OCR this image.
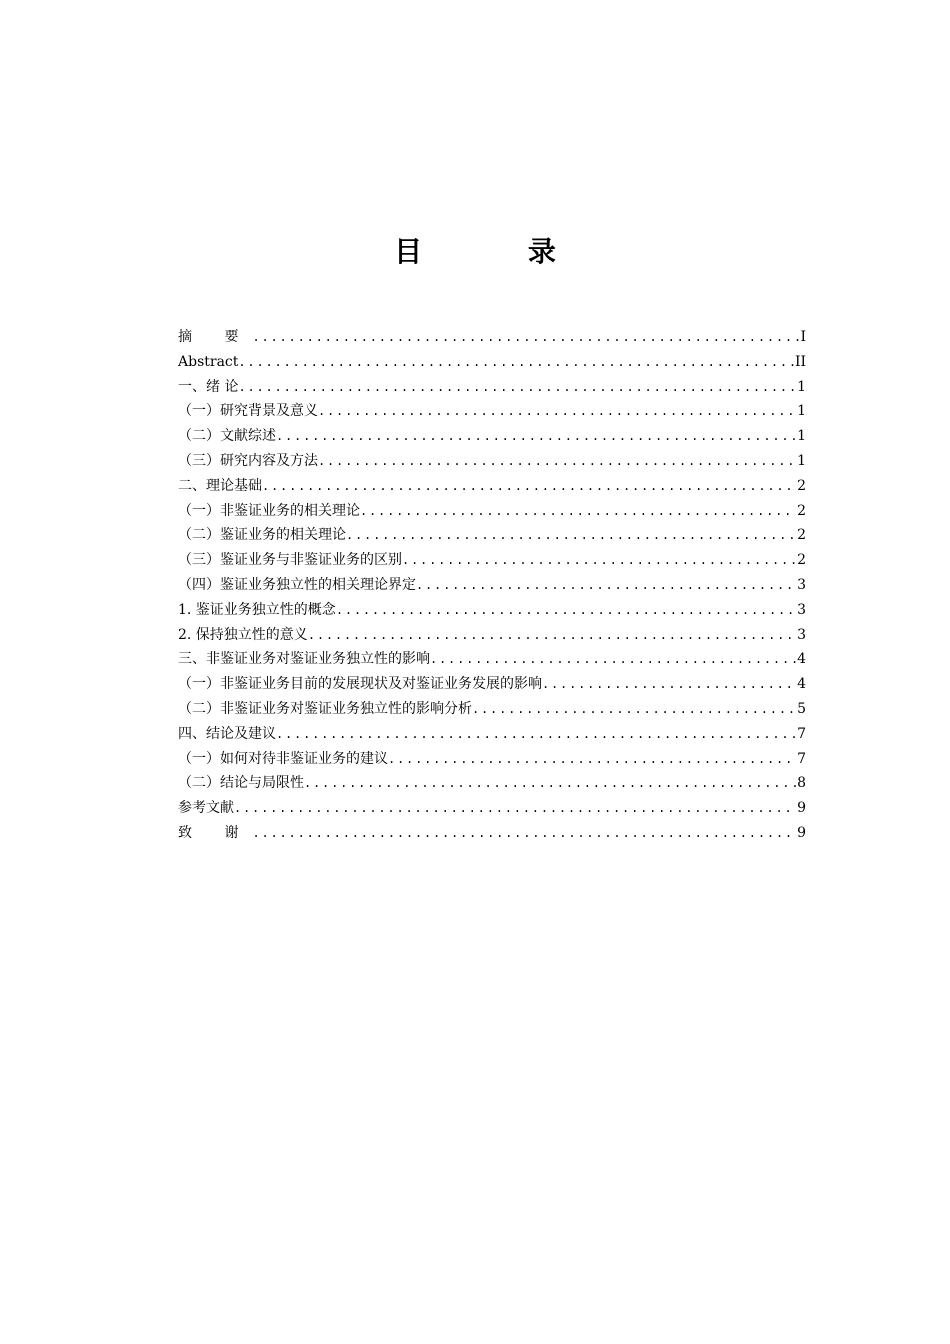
目 录
摘 要 .....	I
Abstract .....	II
一、绪 论 .....	1
（一）研究背景及意义 .....	1
（二）文献综述 .....	1
（三）研究内容及方法 .....	1
二、理论基础 .....	2
（一）非鉴证业务的相关理论 .....	2
（二）鉴证业务的相关理论 .....	2
（三）鉴证业务与非鉴证业务的区别 .....	2
（四）鉴证业务独立性的相关理论界定 .....	3
1. 鉴证业务独立性的概念 .....	3
2. 保持独立性的意义 .....	3
三、非鉴证业务对鉴证业务独立性的影响 .....	4
（一）非鉴证业务目前的发展现状及对鉴证业务发展的影响 .....	4
（二）非鉴证业务对鉴证业务独立性的影响分析 .....	5
四、结论及建议 .....	7
（一）如何对待非鉴证业务的建议 .....	7
（二）结论与局限性 .....	8
参考文献 .....	9
致 谢 .....	9
